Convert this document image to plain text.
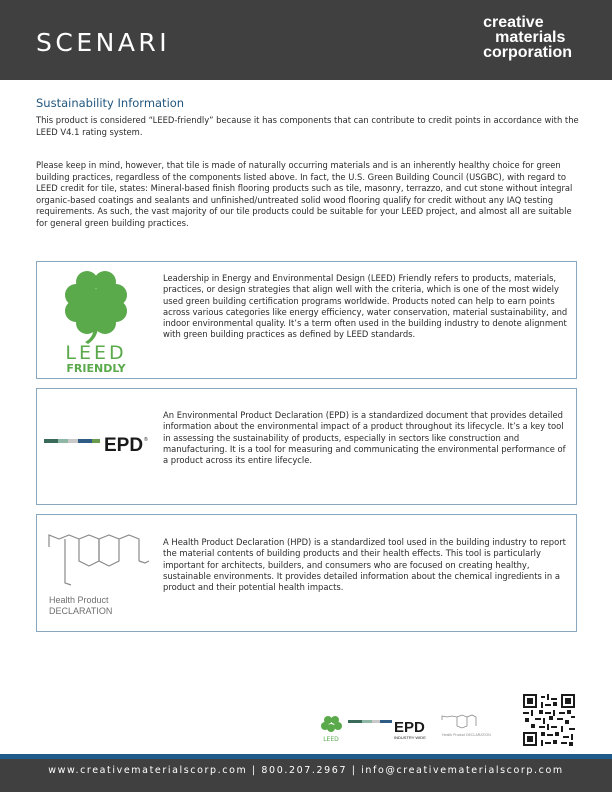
SCENARI
creative
materials
corporation
Sustainability Information
This product is considered “LEED-friendly” because it has components that can contribute to credit points in accordance with the LEED V4.1 rating system.
Please keep in mind, however, that tile is made of naturally occurring materials and is an inherently healthy choice for green building practices, regardless of the components listed above. In fact, the U.S. Green Building Council (USGBC), with regard to LEED credit for tile, states: Mineral-based finish flooring products such as tile, masonry, terrazzo, and cut stone without integral organic-based coatings and sealants and unfinished/untreated solid wood flooring qualify for credit without any IAQ testing requirements. As such, the vast majority of our tile products could be suitable for your LEED project, and almost all are suitable for general green building practices.
LEED
FRIENDLY
Leadership in Energy and Environmental Design (LEED) Friendly refers to products, materials, practices, or design strategies that align well with the criteria, which is one of the most widely used green building certification programs worldwide. Products noted can help to earn points across various categories like energy efficiency, water conservation, material sustainability, and indoor environmental quality. It’s a term often used in the building industry to denote alignment with green building practices as defined by LEED standards.
EPD ®
An Environmental Product Declaration (EPD) is a standardized document that provides detailed information about the environmental impact of a product throughout its lifecycle. It’s a key tool in assessing the sustainability of products, especially in sectors like construction and manufacturing. It is a tool for measuring and communicating the environmental performance of a product across its entire lifecycle.
Health Product
DECLARATION
A Health Product Declaration (HPD) is a standardized tool used in the building industry to report the material contents of building products and their health effects. This tool is particularly important for architects, builders, and consumers who are focused on creating healthy, sustainable environments. It provides detailed information about the chemical ingredients in a product and their potential health impacts.
LEED
EPD
INDUSTRY WIDE	Health Product DECLARATION
www.creativematerialscorp.com | 800.207.2967 | info@creativematerialscorp.com
